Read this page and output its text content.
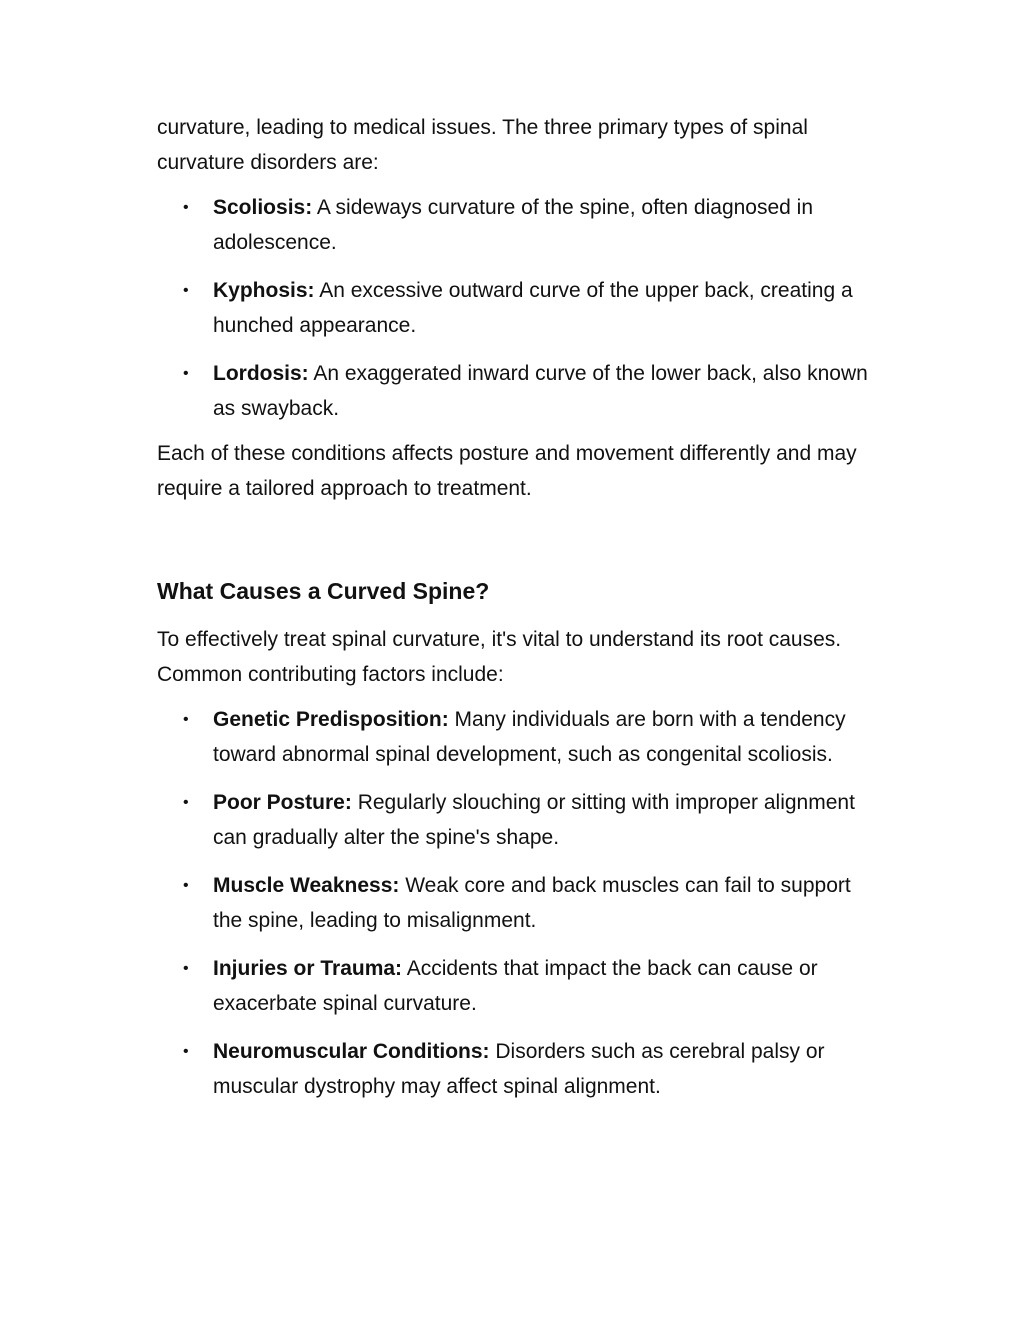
curvature, leading to medical issues. The three primary types of spinal curvature disorders are:

• Scoliosis: A sideways curvature of the spine, often diagnosed in adolescence.
• Kyphosis: An excessive outward curve of the upper back, creating a hunched appearance.
• Lordosis: An exaggerated inward curve of the lower back, also known as swayback.

Each of these conditions affects posture and movement differently and may require a tailored approach to treatment.

What Causes a Curved Spine?

To effectively treat spinal curvature, it's vital to understand its root causes. Common contributing factors include:

• Genetic Predisposition: Many individuals are born with a tendency toward abnormal spinal development, such as congenital scoliosis.
• Poor Posture: Regularly slouching or sitting with improper alignment can gradually alter the spine's shape.
• Muscle Weakness: Weak core and back muscles can fail to support the spine, leading to misalignment.
• Injuries or Trauma: Accidents that impact the back can cause or exacerbate spinal curvature.
• Neuromuscular Conditions: Disorders such as cerebral palsy or muscular dystrophy may affect spinal alignment.
